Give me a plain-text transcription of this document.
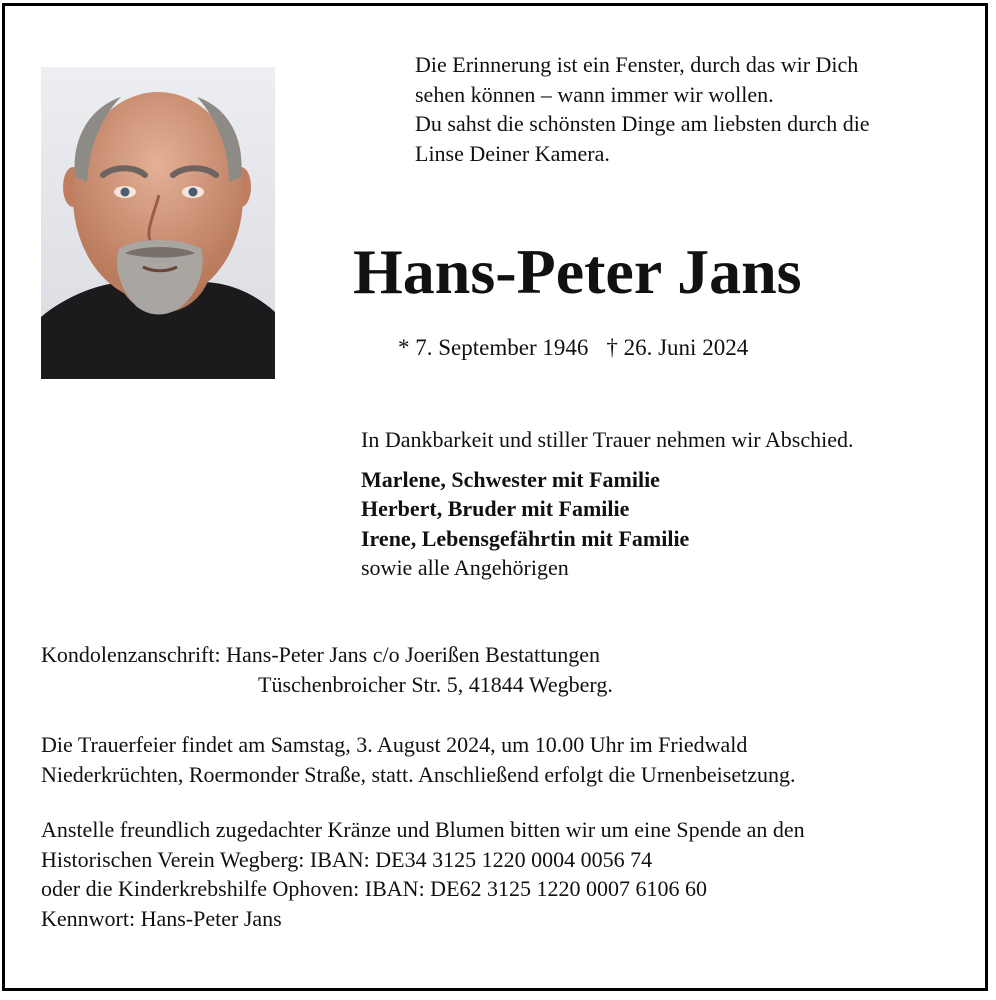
Die Erinnerung ist ein Fenster, durch das wir Dich
sehen können – wann immer wir wollen.
Du sahst die schönsten Dinge am liebsten durch die
Linse Deiner Kamera.
Hans-Peter Jans
* 7. September 1946 † 26. Juni 2024
In Dankbarkeit und stiller Trauer nehmen wir Abschied.
Marlene, Schwester mit Familie
Herbert, Bruder mit Familie
Irene, Lebensgefährtin mit Familie
sowie alle Angehörigen
Kondolenzanschrift: Hans-Peter Jans c/o Joerißen Bestattungen
Tüschenbroicher Str. 5, 41844 Wegberg.
Die Trauerfeier findet am Samstag, 3. August 2024, um 10.00 Uhr im Friedwald
Niederkrüchten, Roermonder Straße, statt. Anschließend erfolgt die Urnenbeisetzung.
Anstelle freundlich zugedachter Kränze und Blumen bitten wir um eine Spende an den
Historischen Verein Wegberg: IBAN: DE34 3125 1220 0004 0056 74
oder die Kinderkrebshilfe Ophoven: IBAN: DE62 3125 1220 0007 6106 60
Kennwort: Hans-Peter Jans
